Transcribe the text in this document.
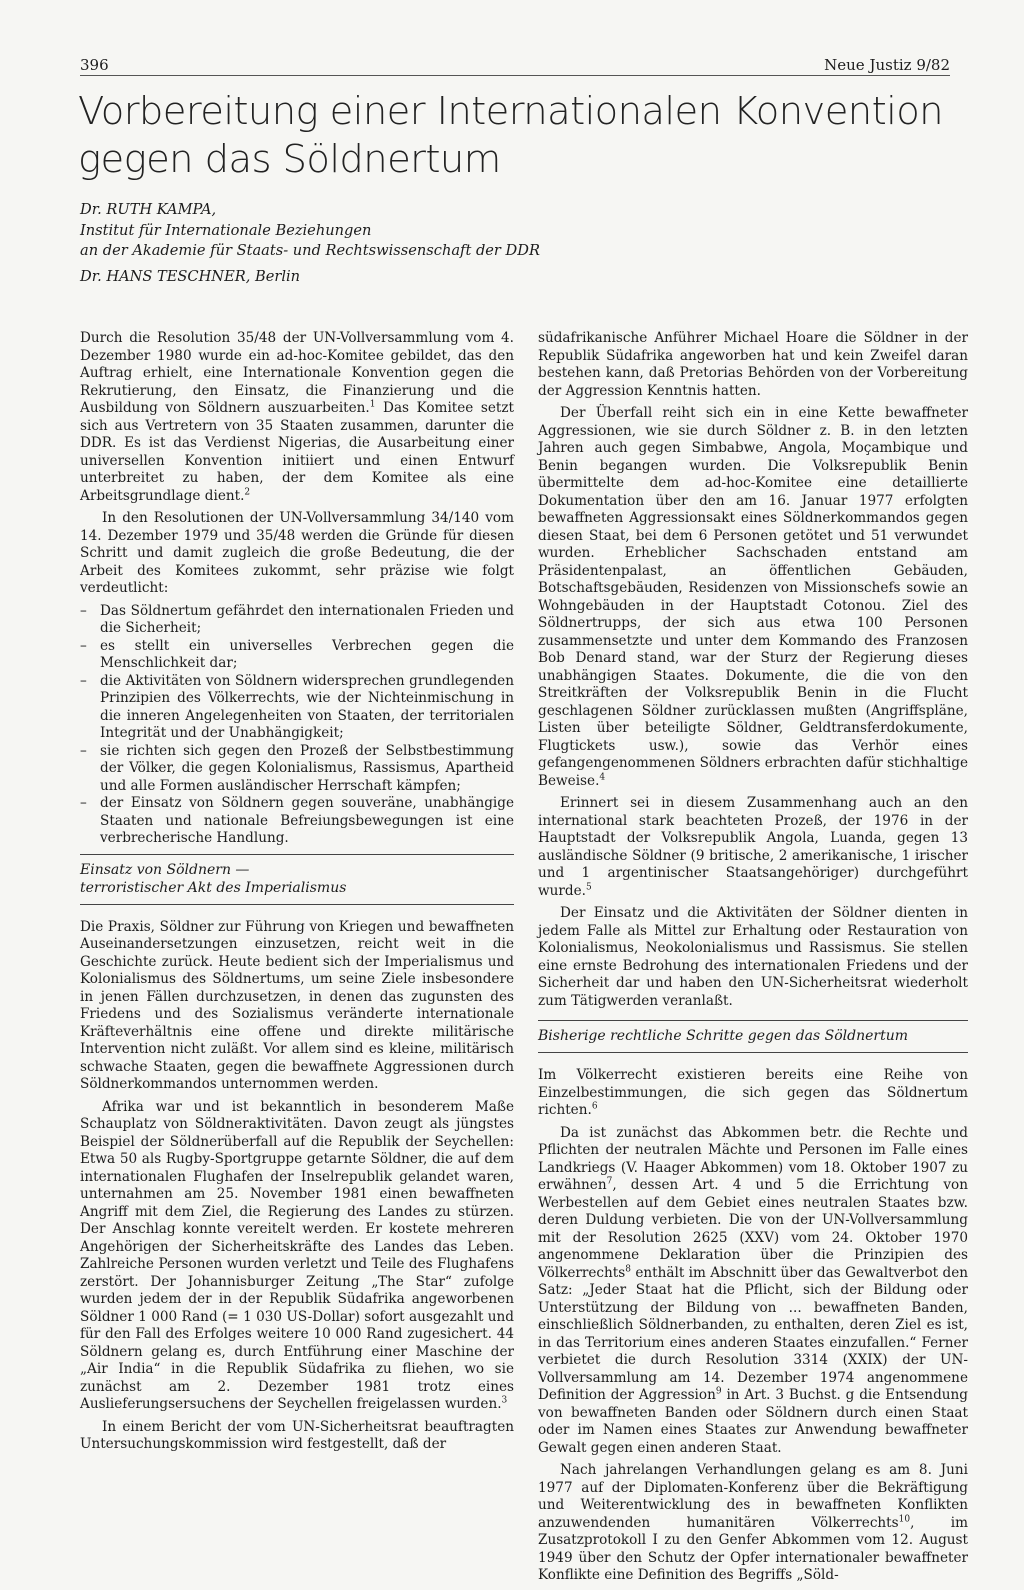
396	Neue Justiz 9/82
Vorbereitung einer Internationalen Konvention gegen das Söldnertum
Dr. RUTH KAMPA,
Institut für Internationale Beziehungen
an der Akademie für Staats- und Rechtswissenschaft der DDR
Dr. HANS TESCHNER, Berlin

Durch die Resolution 35/48 der UN-Vollversammlung vom 4. Dezember 1980 wurde ein ad-hoc-Komitee gebildet, das den Auftrag erhielt, eine Internationale Konvention gegen die Rekrutierung, den Einsatz, die Finanzierung und die Ausbildung von Söldnern auszuarbeiten.$^1$ Das Komitee setzt sich aus Vertretern von 35 Staaten zusammen, darunter die DDR. Es ist das Verdienst Nigerias, die Ausarbeitung einer universellen Konvention initiiert und einen Entwurf unterbreitet zu haben, der dem Komitee als eine Arbeitsgrundlage dient.$^2$

In den Resolutionen der UN-Vollversammlung 34/140 vom 14. Dezember 1979 und 35/48 werden die Gründe für diesen Schritt und damit zugleich die große Bedeutung, die der Arbeit des Komitees zukommt, sehr präzise wie folgt verdeutlicht:

– Das Söldnertum gefährdet den internationalen Frieden und die Sicherheit;
– es stellt ein universelles Verbrechen gegen die Menschlichkeit dar;
– die Aktivitäten von Söldnern widersprechen grundlegenden Prinzipien des Völkerrechts, wie der Nichteinmischung in die inneren Angelegenheiten von Staaten, der territorialen Integrität und der Unabhängigkeit;
– sie richten sich gegen den Prozeß der Selbstbestimmung der Völker, die gegen Kolonialismus, Rassismus, Apartheid und alle Formen ausländischer Herrschaft kämpfen;
– der Einsatz von Söldnern gegen souveräne, unabhängige Staaten und nationale Befreiungsbewegungen ist eine verbrecherische Handlung.
Einsatz von Söldnern —
terroristischer Akt des Imperialismus

Die Praxis, Söldner zur Führung von Kriegen und bewaffneten Auseinandersetzungen einzusetzen, reicht weit in die Geschichte zurück. Heute bedient sich der Imperialismus und Kolonialismus des Söldnertums, um seine Ziele insbesondere in jenen Fällen durchzusetzen, in denen das zugunsten des Friedens und des Sozialismus veränderte internationale Kräfteverhältnis eine offene und direkte militärische Intervention nicht zuläßt. Vor allem sind es kleine, militärisch schwache Staaten, gegen die bewaffnete Aggressionen durch Söldnerkommandos unternommen werden.

Afrika war und ist bekanntlich in besonderem Maße Schauplatz von Söldneraktivitäten. Davon zeugt als jüngstes Beispiel der Söldnerüberfall auf die Republik der Seychellen: Etwa 50 als Rugby-Sportgruppe getarnte Söldner, die auf dem internationalen Flughafen der Inselrepublik gelandet waren, unternahmen am 25. November 1981 einen bewaffneten Angriff mit dem Ziel, die Regierung des Landes zu stürzen. Der Anschlag konnte vereitelt werden. Er kostete mehreren Angehörigen der Sicherheitskräfte des Landes das Leben. Zahlreiche Personen wurden verletzt und Teile des Flughafens zerstört. Der Johannisburger Zeitung „The Star“ zufolge wurden jedem der in der Republik Südafrika angeworbenen Söldner 1 000 Rand (= 1 030 US-Dollar) sofort ausgezahlt und für den Fall des Erfolges weitere 10 000 Rand zugesichert. 44 Söldnern gelang es, durch Entführung einer Maschine der „Air India“ in die Republik Südafrika zu fliehen, wo sie zunächst am 2. Dezember 1981 trotz eines Auslieferungsersuchens der Seychellen freigelassen wurden.$^3$

In einem Bericht der vom UN-Sicherheitsrat beauftragten Untersuchungskommission wird festgestellt, daß der

südafrikanische Anführer Michael Hoare die Söldner in der Republik Südafrika angeworben hat und kein Zweifel daran bestehen kann, daß Pretorias Behörden von der Vorbereitung der Aggression Kenntnis hatten.

Der Überfall reiht sich ein in eine Kette bewaffneter Aggressionen, wie sie durch Söldner z. B. in den letzten Jahren auch gegen Simbabwe, Angola, Moçambique und Benin begangen wurden. Die Volksrepublik Benin übermittelte dem ad-hoc-Komitee eine detaillierte Dokumentation über den am 16. Januar 1977 erfolgten bewaffneten Aggressionsakt eines Söldnerkommandos gegen diesen Staat, bei dem 6 Personen getötet und 51 verwundet wurden. Erheblicher Sachschaden entstand am Präsidentenpalast, an öffentlichen Gebäuden, Botschaftsgebäuden, Residenzen von Missionschefs sowie an Wohngebäuden in der Hauptstadt Cotonou. Ziel des Söldnertrupps, der sich aus etwa 100 Personen zusammensetzte und unter dem Kommando des Franzosen Bob Denard stand, war der Sturz der Regierung dieses unabhängigen Staates. Dokumente, die die von den Streitkräften der Volksrepublik Benin in die Flucht geschlagenen Söldner zurücklassen mußten (Angriffspläne, Listen über beteiligte Söldner, Geldtransferdokumente, Flugtickets usw.), sowie das Verhör eines gefangengenommenen Söldners erbrachten dafür stichhaltige Beweise.$^4$

Erinnert sei in diesem Zusammenhang auch an den international stark beachteten Prozeß, der 1976 in der Hauptstadt der Volksrepublik Angola, Luanda, gegen 13 ausländische Söldner (9 britische, 2 amerikanische, 1 irischer und 1 argentinischer Staatsangehöriger) durchgeführt wurde.$^5$

Der Einsatz und die Aktivitäten der Söldner dienten in jedem Falle als Mittel zur Erhaltung oder Restauration von Kolonialismus, Neokolonialismus und Rassismus. Sie stellen eine ernste Bedrohung des internationalen Friedens und der Sicherheit dar und haben den UN-Sicherheitsrat wiederholt zum Tätigwerden veranlaßt.

Bisherige rechtliche Schritte gegen das Söldnertum

Im Völkerrecht existieren bereits eine Reihe von Einzelbestimmungen, die sich gegen das Söldnertum richten.$^6$

Da ist zunächst das Abkommen betr. die Rechte und Pflichten der neutralen Mächte und Personen im Falle eines Landkriegs (V. Haager Abkommen) vom 18. Oktober 1907 zu erwähnen$^7$, dessen Art. 4 und 5 die Errichtung von Werbestellen auf dem Gebiet eines neutralen Staates bzw. deren Duldung verbieten. Die von der UN-Vollversammlung mit der Resolution 2625 (XXV) vom 24. Oktober 1970 angenommene Deklaration über die Prinzipien des Völkerrechts$^8$ enthält im Abschnitt über das Gewaltverbot den Satz: „Jeder Staat hat die Pflicht, sich der Bildung oder Unterstützung der Bildung von ... bewaffneten Banden, einschließlich Söldnerbanden, zu enthalten, deren Ziel es ist, in das Territorium eines anderen Staates einzufallen.“ Ferner verbietet die durch Resolution 3314 (XXIX) der UN-Vollversammlung am 14. Dezember 1974 angenommene Definition der Aggression$^9$ in Art. 3 Buchst. g die Entsendung von bewaffneten Banden oder Söldnern durch einen Staat oder im Namen eines Staates zur Anwendung bewaffneter Gewalt gegen einen anderen Staat.

Nach jahrelangen Verhandlungen gelang es am 8. Juni 1977 auf der Diplomaten-Konferenz über die Bekräftigung und Weiterentwicklung des in bewaffneten Konflikten anzuwendenden humanitären Völkerrechts$^{10}$, im Zusatzprotokoll I zu den Genfer Abkommen vom 12. August 1949 über den Schutz der Opfer internationaler bewaffneter Konflikte eine Definition des Begriffs „Söld-
